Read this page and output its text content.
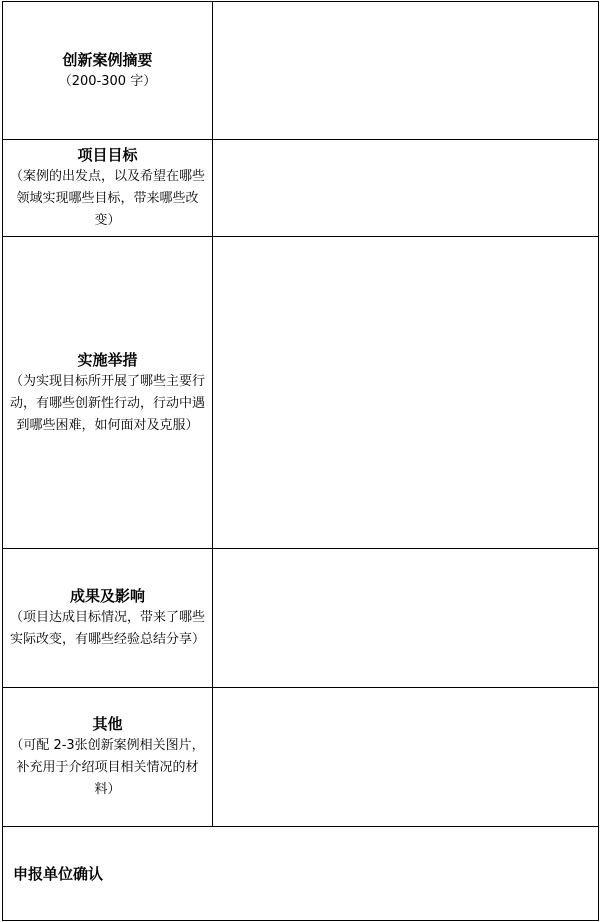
创新案例摘要
（200-300 字）	

项目目标
（案例的出发点，以及希望在哪些领域实现哪些目标，带来哪些改变）	

实施举措
（为实现目标所开展了哪些主要行动，有哪些创新性行动，行动中遇到哪些困难，如何面对及克服）	

成果及影响
（项目达成目标情况，带来了哪些实际改变，有哪些经验总结分享）	

其他
（可配 2-3张创新案例相关图片，补充用于介绍项目相关情况的材料）	

申报单位确认	
